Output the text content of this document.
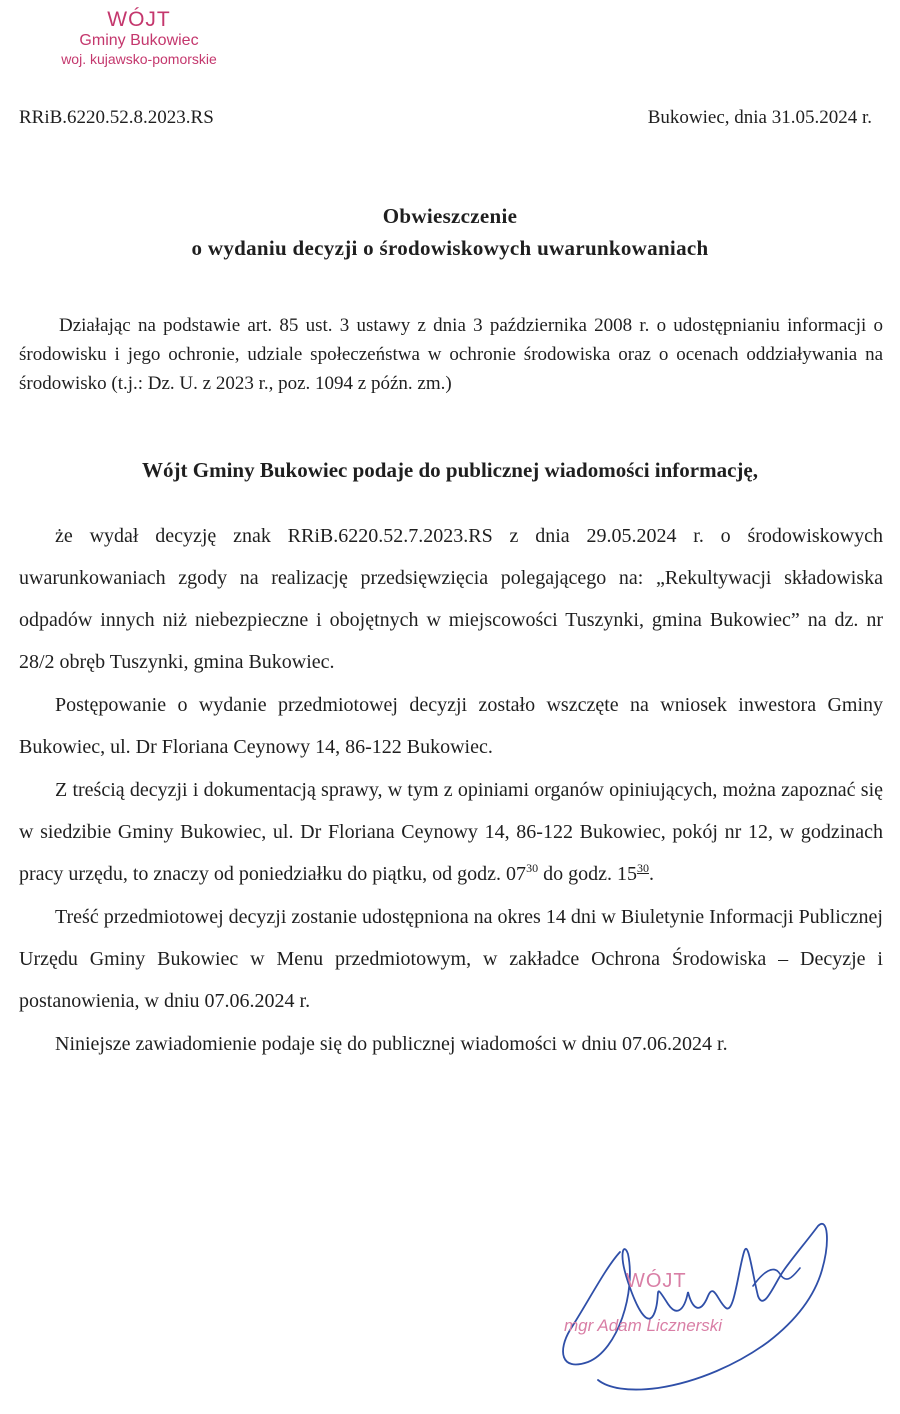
WÓJT
Gminy Bukowiec
woj. kujawsko-pomorskie
RRiB.6220.52.8.2023.RS	Bukowiec, dnia 31.05.2024 r.
Obwieszczenie
o wydaniu decyzji o środowiskowych uwarunkowaniach

Działając na podstawie art. 85 ust. 3 ustawy z dnia 3 października 2008 r. o udostępnianiu informacji o środowisku i jego ochronie, udziale społeczeństwa w ochronie środowiska oraz o ocenach oddziaływania na środowisko (t.j.: Dz. U. z 2023 r., poz. 1094 z późn. zm.)

Wójt Gminy Bukowiec podaje do publicznej wiadomości informację,

że wydał decyzję znak RRiB.6220.52.7.2023.RS z dnia 29.05.2024 r. o środowiskowych uwarunkowaniach zgody na realizację przedsięwzięcia polegającego na: „Rekultywacji składowiska odpadów innych niż niebezpieczne i obojętnych w miejscowości Tuszynki, gmina Bukowiec” na dz. nr 28/2 obręb Tuszynki, gmina Bukowiec.

Postępowanie o wydanie przedmiotowej decyzji zostało wszczęte na wniosek inwestora Gminy Bukowiec, ul. Dr Floriana Ceynowy 14, 86-122 Bukowiec.

Z treścią decyzji i dokumentacją sprawy, w tym z opiniami organów opiniujących, można zapoznać się w siedzibie Gminy Bukowiec, ul. Dr Floriana Ceynowy 14, 86-122 Bukowiec, pokój nr 12, w godzinach pracy urzędu, to znaczy od poniedziałku do piątku, od godz. $07^{30}$ do godz. $15^{30}$.

Treść przedmiotowej decyzji zostanie udostępniona na okres 14 dni w Biuletynie Informacji Publicznej Urzędu Gminy Bukowiec w Menu przedmiotowym, w zakładce Ochrona Środowiska – Decyzje i postanowienia, w dniu 07.06.2024 r.

Niniejsze zawiadomienie podaje się do publicznej wiadomości w dniu 07.06.2024 r.

WÓJT
mgr Adam Licznerski
